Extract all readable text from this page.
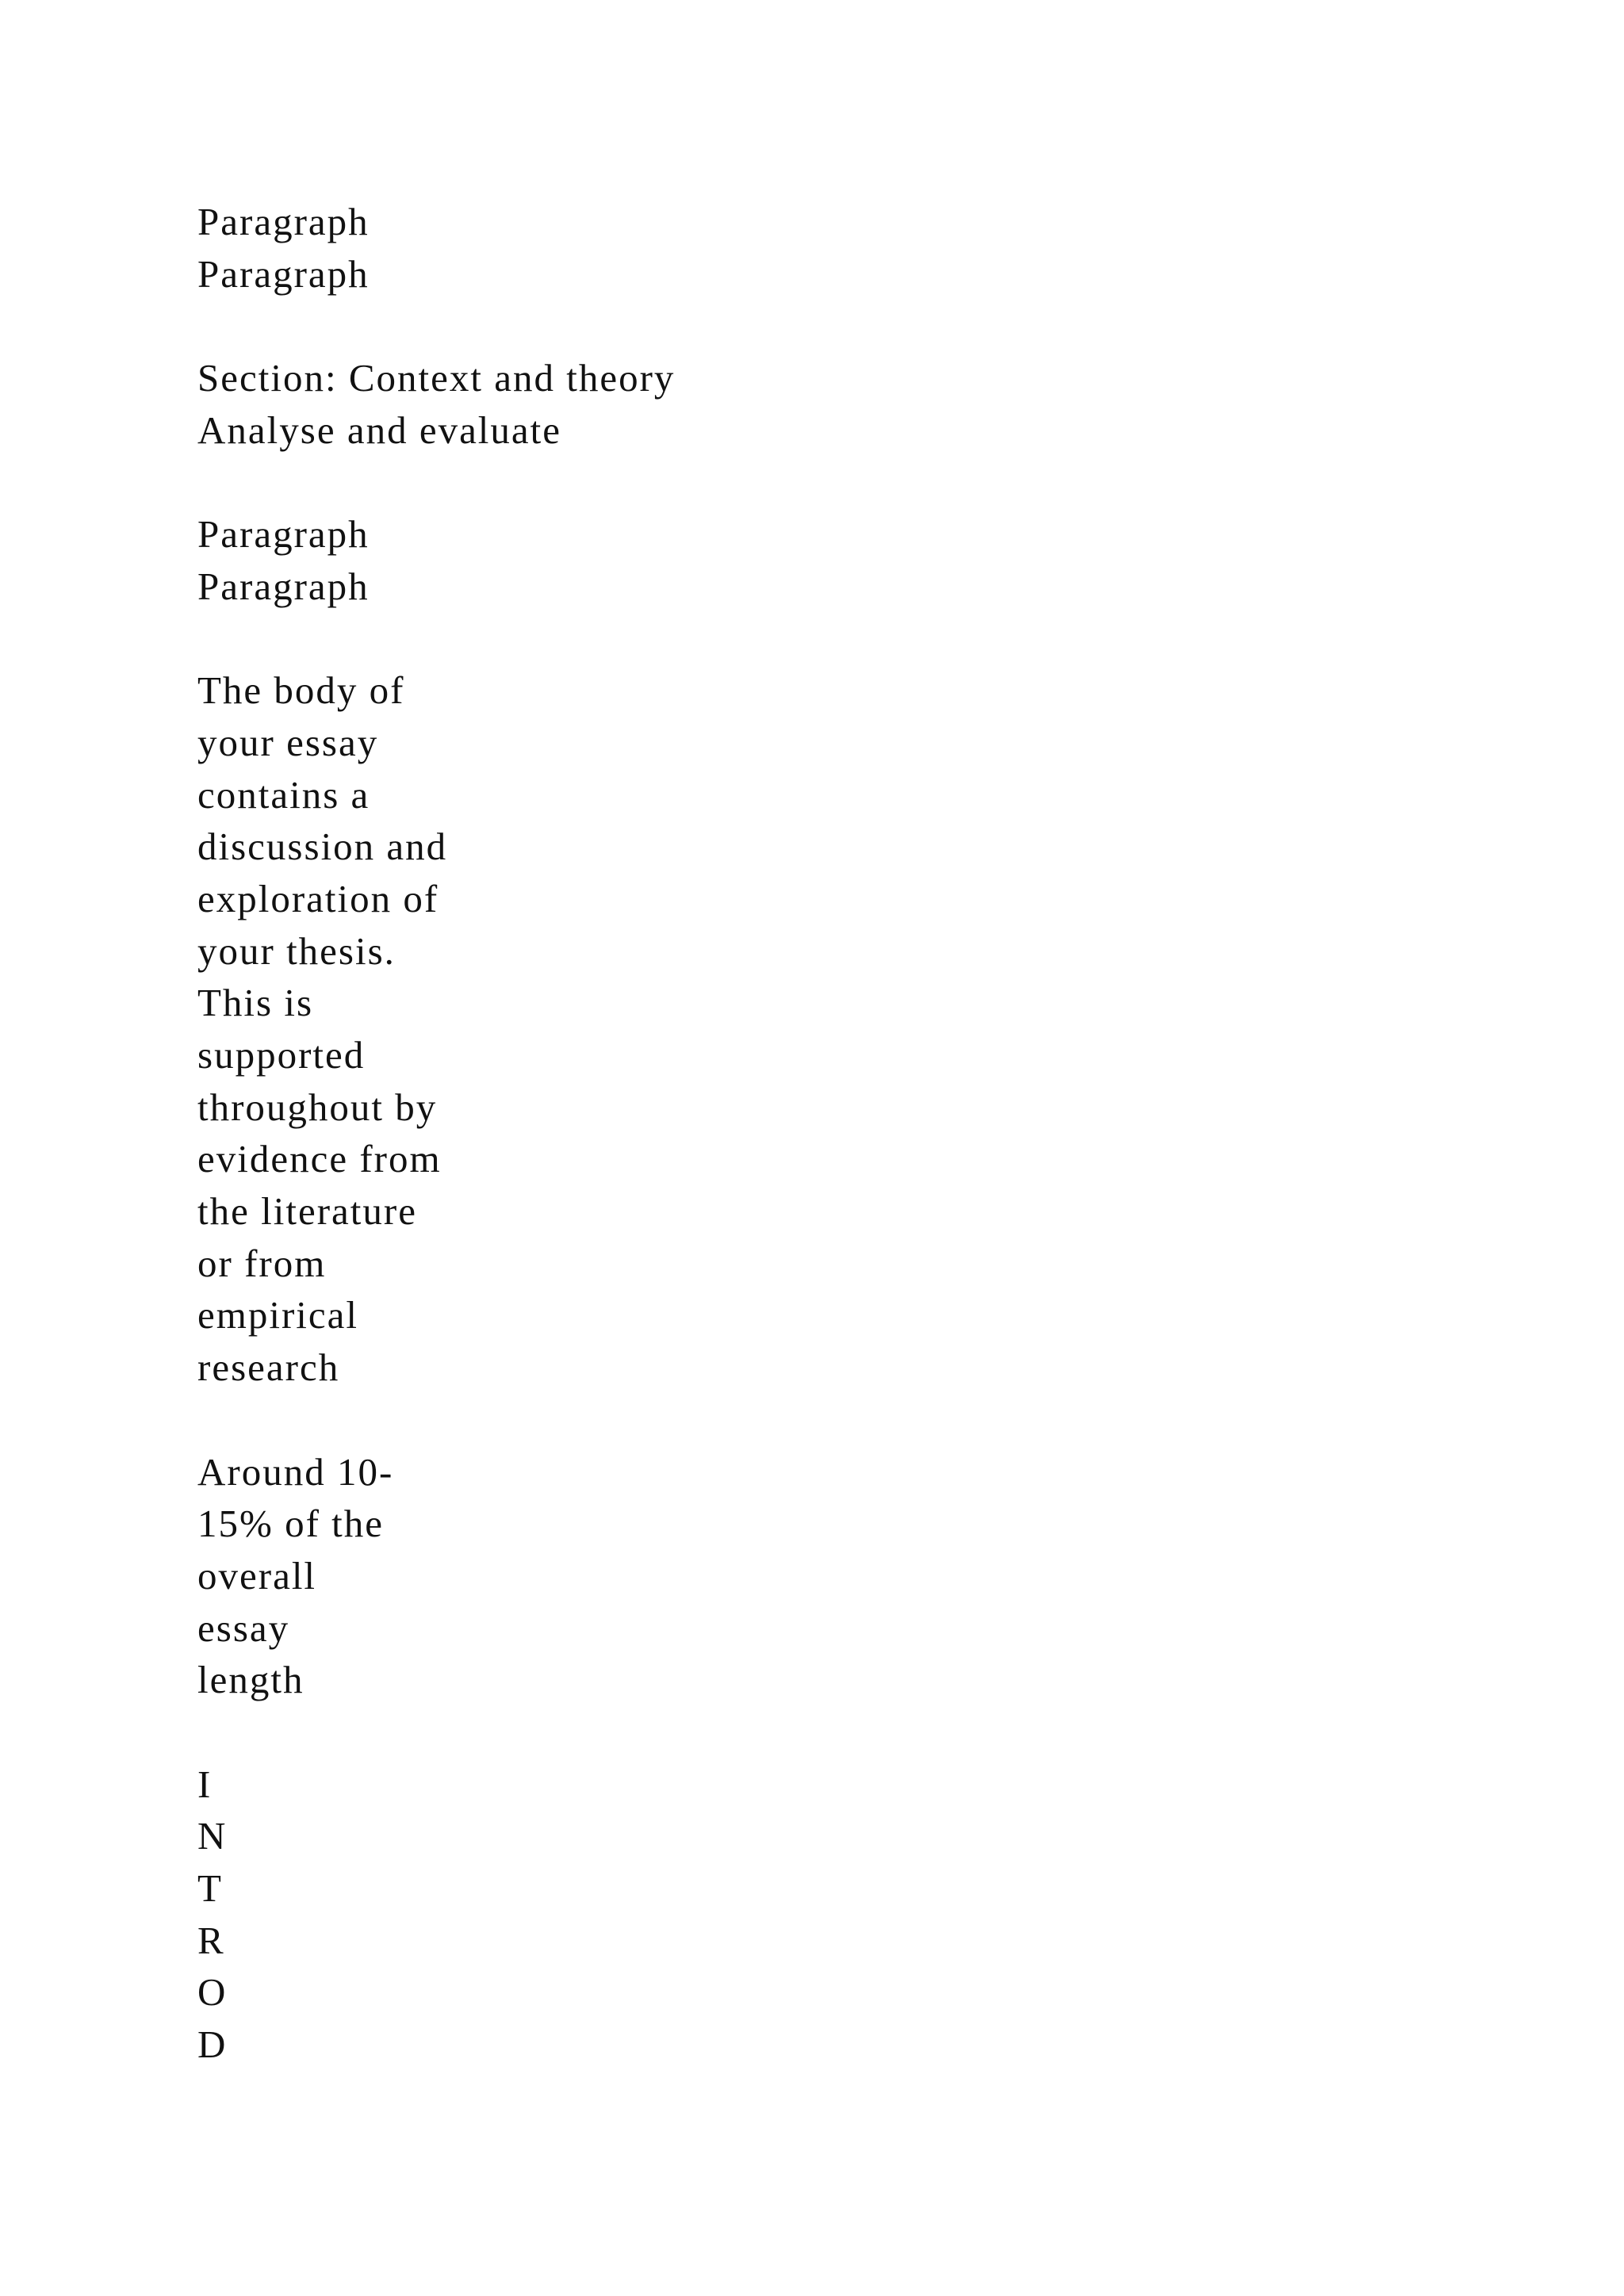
Paragraph
Paragraph
Section: Context and theory
Analyse and evaluate
Paragraph
Paragraph
The body of
your essay
contains a
discussion and
exploration of
your thesis.
This is
supported
throughout by
evidence from
the literature
or from
empirical
research
Around 10-
15% of the
overall
essay
length
I
N
T
R
O
D
